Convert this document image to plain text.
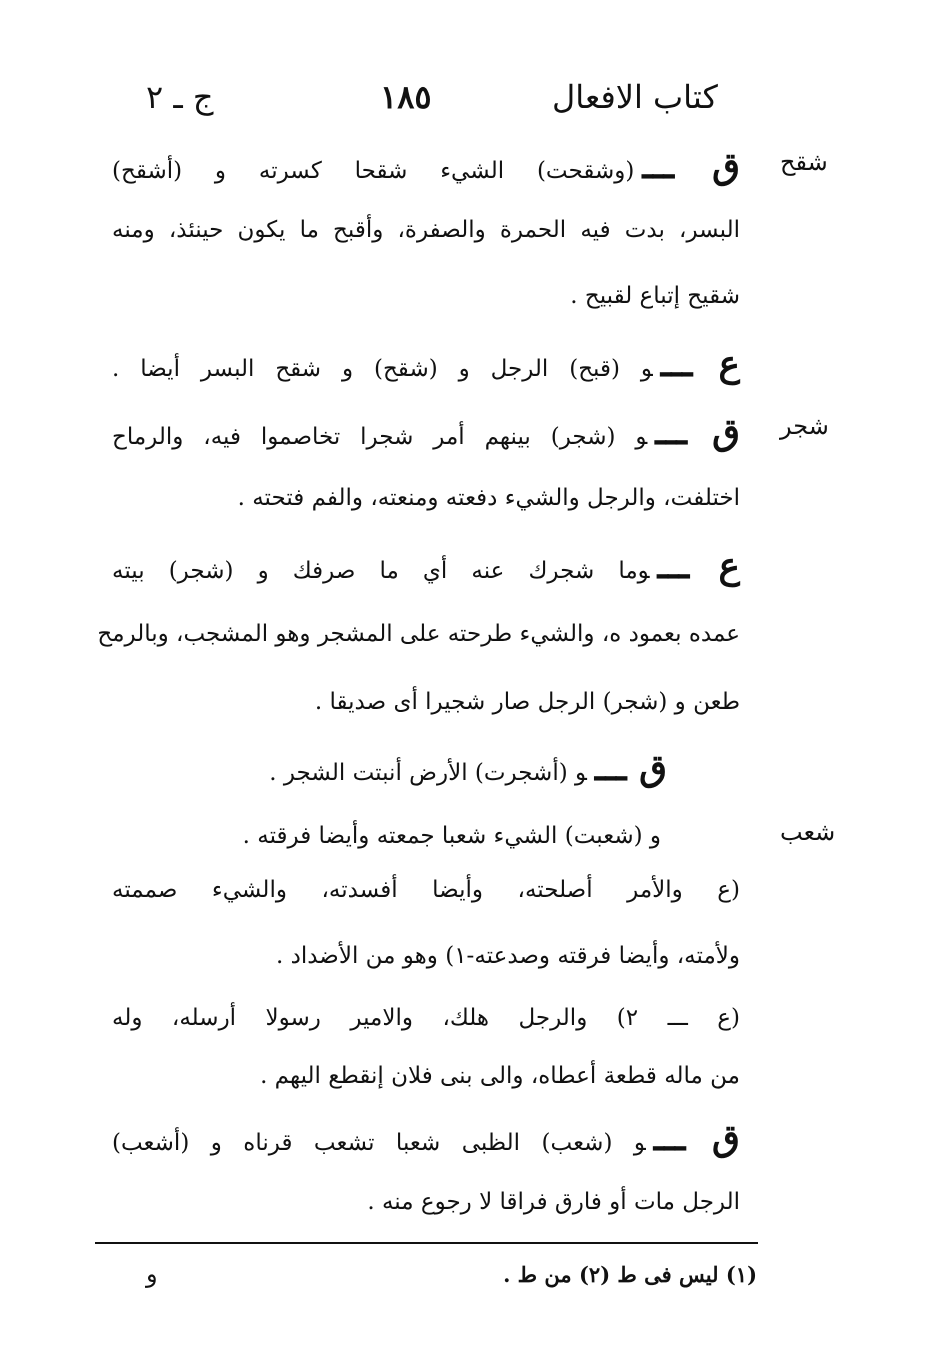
كتاب الافعال
١٨٥
ج ـ ٢
شقح
شجر
شعب
ق ـــ(وشقحت) الشيء شقحا كسرته و (أشقح)
البسر، بدت فيه الحمرة والصفرة، وأقبح ما يكون حينئذ، ومنه
شقيح إتباع لقبيح .
ع ـــو (قبح) الرجل و (شقح) و شقح البسر أيضا .
ق ـــو (شجر) بينهم أمر شجرا تخاصموا فيه، والرماح
اختلفت، والرجل والشيء دفعته ومنعته، والفم فتحته .
ع ـــوما شجرك عنه أي ما صرفك و (شجر) بيته
عمده بعمود ه، والشيء طرحته على المشجر وهو المشجب، وبالرمح
طعن و (شجر) الرجل صار شجيرا أى صديقا .
ق ـــو (أشجرت) الأرض أنبتت الشجر .
و (شعبت) الشيء شعبا جمعته وأيضا فرقته .
(ع والأمر أصلحته، وأيضا أفسدته، والشيء صممته
ولأمته، وأيضا فرقته وصدعته-١) وهو من الأضداد .
(ع ـــ ٢) والرجل هلك، والامير رسولا أرسله، وله
من ماله قطعة أعطاه، والى بنى فلان إنقطع اليهم .
ق ـــو (شعب) الظبى شعبا تشعب قرناه و (أشعب)
الرجل مات أو فارق فراقا لا رجوع منه .
(١) ليس فى ط (٢) من ط .
و
